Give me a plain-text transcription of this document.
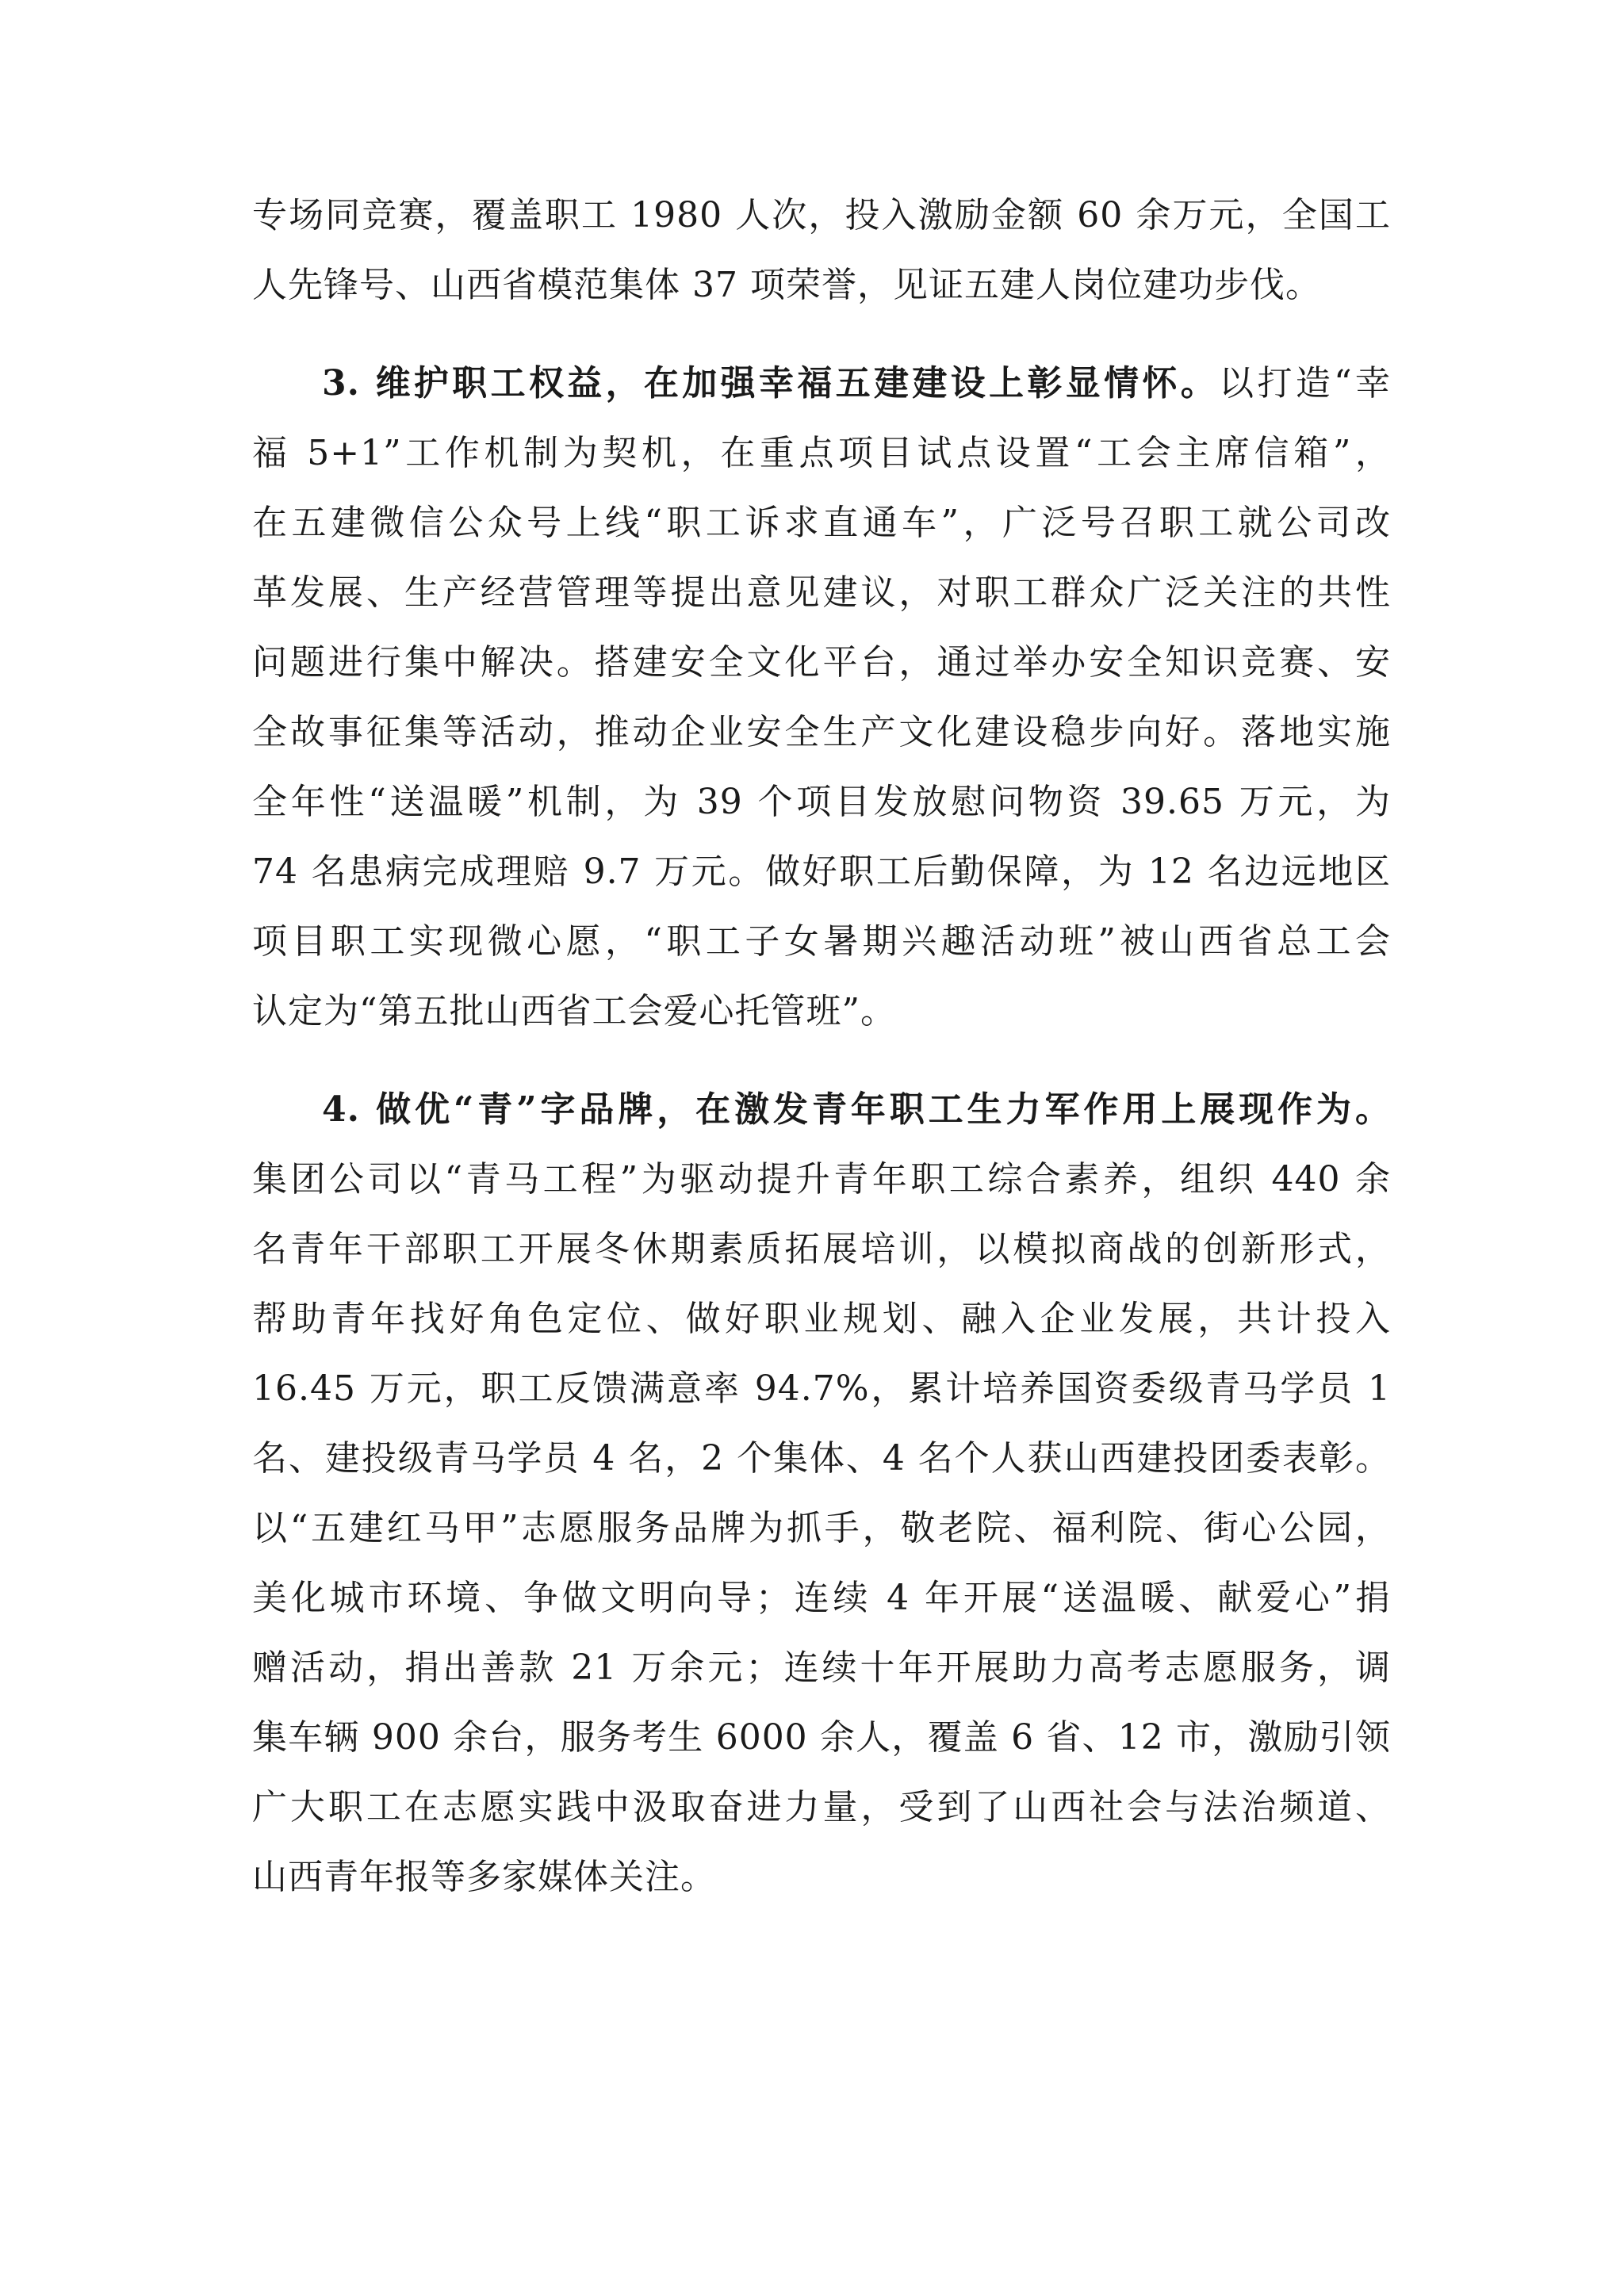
专场同竞赛，覆盖职工 1980 人次，投入激励金额 60 余万元，全国工
人先锋号、山西省模范集体 37 项荣誉，见证五建人岗位建功步伐。
3. 维护职工权益，在加强幸福五建建设上彰显情怀。以打造“幸
福 5+1”工作机制为契机，在重点项目试点设置“工会主席信箱”，
在五建微信公众号上线“职工诉求直通车”，广泛号召职工就公司改
革发展、生产经营管理等提出意见建议，对职工群众广泛关注的共性
问题进行集中解决。搭建安全文化平台，通过举办安全知识竞赛、安
全故事征集等活动，推动企业安全生产文化建设稳步向好。落地实施
全年性“送温暖”机制，为 39 个项目发放慰问物资 39.65 万元，为
74 名患病完成理赔 9.7 万元。做好职工后勤保障，为 12 名边远地区
项目职工实现微心愿，“职工子女暑期兴趣活动班”被山西省总工会
认定为“第五批山西省工会爱心托管班”。
4. 做优“青”字品牌，在激发青年职工生力军作用上展现作为。
集团公司以“青马工程”为驱动提升青年职工综合素养，组织 440 余
名青年干部职工开展冬休期素质拓展培训，以模拟商战的创新形式，
帮助青年找好角色定位、做好职业规划、融入企业发展，共计投入
16.45 万元，职工反馈满意率 94.7%，累计培养国资委级青马学员 1
名、建投级青马学员 4 名，2 个集体、4 名个人获山西建投团委表彰。
以“五建红马甲”志愿服务品牌为抓手，敬老院、福利院、街心公园，
美化城市环境、争做文明向导；连续 4 年开展“送温暖、献爱心”捐
赠活动，捐出善款 21 万余元；连续十年开展助力高考志愿服务，调
集车辆 900 余台，服务考生 6000 余人，覆盖 6 省、12 市，激励引领
广大职工在志愿实践中汲取奋进力量，受到了山西社会与法治频道、
山西青年报等多家媒体关注。
